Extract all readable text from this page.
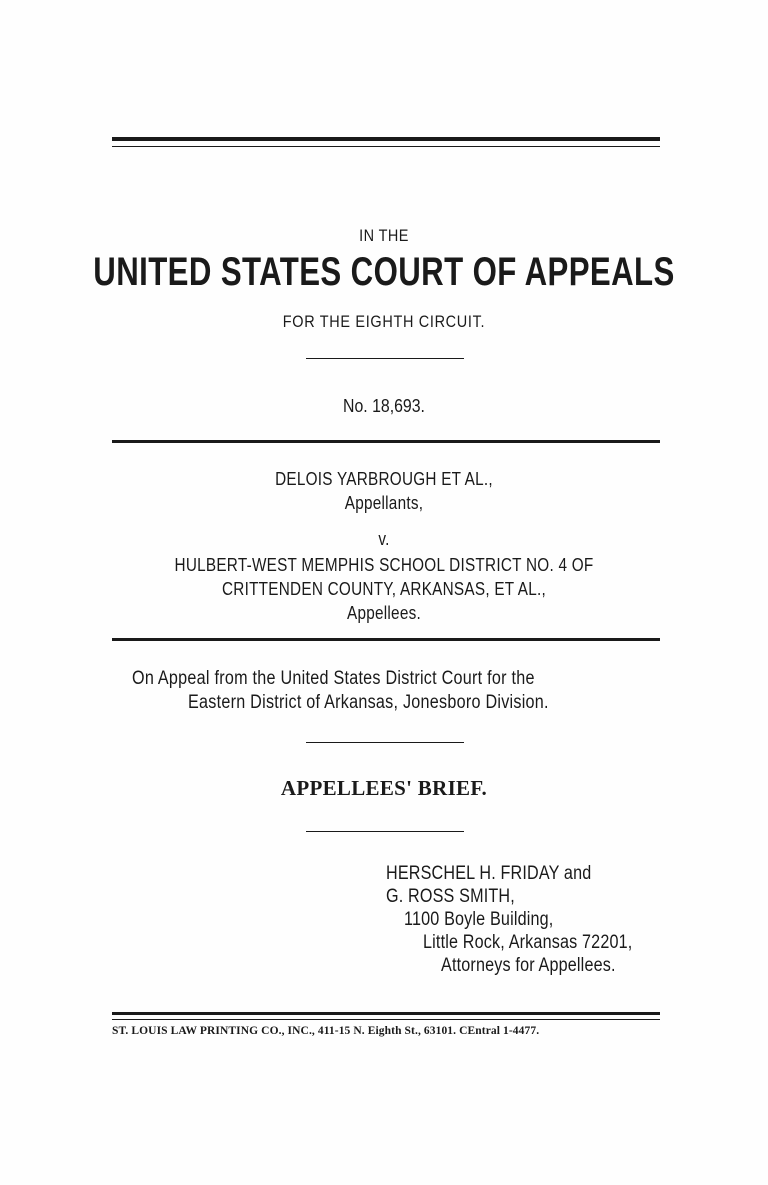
IN THE
UNITED STATES COURT OF APPEALS
FOR THE EIGHTH CIRCUIT.
No. 18,693.
DELOIS YARBROUGH ET AL.,
Appellants,
v.
HULBERT-WEST MEMPHIS SCHOOL DISTRICT NO. 4 OF
CRITTENDEN COUNTY, ARKANSAS, ET AL.,
Appellees.
On Appeal from the United States District Court for the
Eastern District of Arkansas, Jonesboro Division.
APPELLEES' BRIEF.
HERSCHEL H. FRIDAY and
G. ROSS SMITH,
1100 Boyle Building,
Little Rock, Arkansas 72201,
Attorneys for Appellees.
ST. LOUIS LAW PRINTING CO., INC., 411-15 N. Eighth St., 63101. CEntral 1-4477.
